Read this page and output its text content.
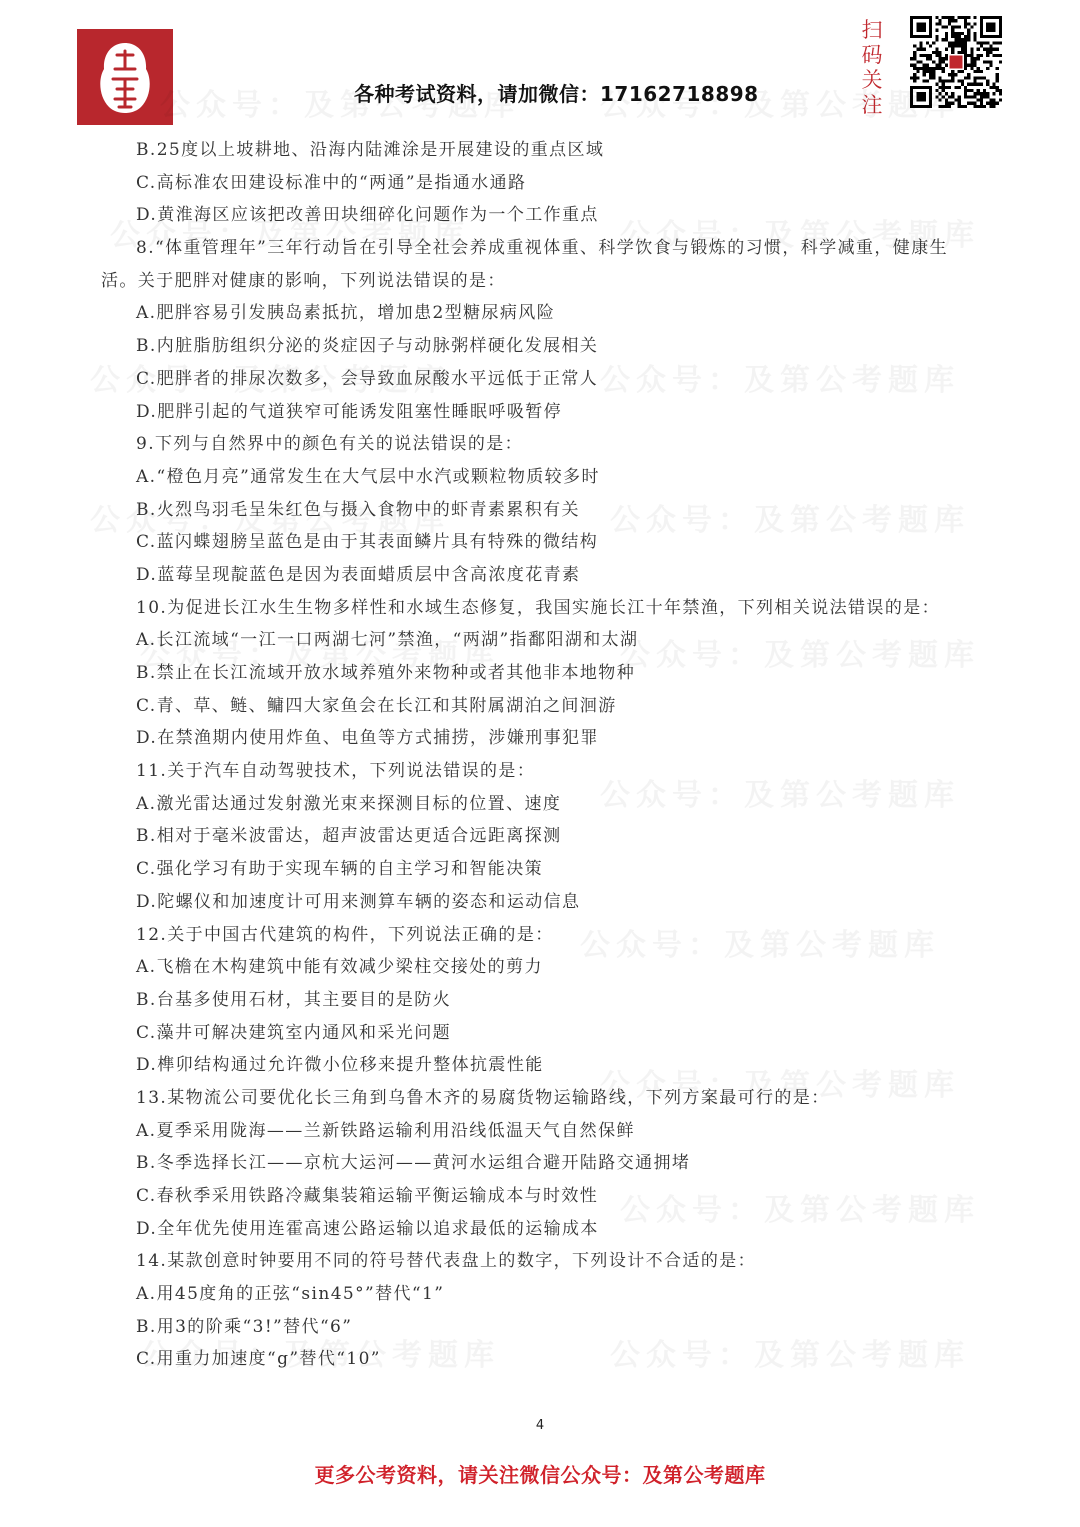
各种考试资料，请加微信：17162718898
扫
码
关
注
B.25度以上坡耕地、沿海内陆滩涂是开展建设的重点区域
C.高标准农田建设标准中的“两通”是指通水通路
D.黄淮海区应该把改善田块细碎化问题作为一个工作重点
8.“体重管理年”三年行动旨在引导全社会养成重视体重、科学饮食与锻炼的习惯，科学减重，健康生
活。关于肥胖对健康的影响，下列说法错误的是：
A.肥胖容易引发胰岛素抵抗，增加患2型糖尿病风险
B.内脏脂肪组织分泌的炎症因子与动脉粥样硬化发展相关
C.肥胖者的排尿次数多，会导致血尿酸水平远低于正常人
D.肥胖引起的气道狭窄可能诱发阻塞性睡眠呼吸暂停
9.下列与自然界中的颜色有关的说法错误的是：
A.“橙色月亮”通常发生在大气层中水汽或颗粒物质较多时
B.火烈鸟羽毛呈朱红色与摄入食物中的虾青素累积有关
C.蓝闪蝶翅膀呈蓝色是由于其表面鳞片具有特殊的微结构
D.蓝莓呈现靛蓝色是因为表面蜡质层中含高浓度花青素
10.为促进长江水生生物多样性和水域生态修复，我国实施长江十年禁渔，下列相关说法错误的是：
A.长江流域“一江一口两湖七河”禁渔，“两湖”指鄱阳湖和太湖
B.禁止在长江流域开放水域养殖外来物种或者其他非本地物种
C.青、草、鲢、鳙四大家鱼会在长江和其附属湖泊之间洄游
D.在禁渔期内使用炸鱼、电鱼等方式捕捞，涉嫌刑事犯罪
11.关于汽车自动驾驶技术，下列说法错误的是：
A.激光雷达通过发射激光束来探测目标的位置、速度
B.相对于毫米波雷达，超声波雷达更适合远距离探测
C.强化学习有助于实现车辆的自主学习和智能决策
D.陀螺仪和加速度计可用来测算车辆的姿态和运动信息
12.关于中国古代建筑的构件，下列说法正确的是：
A.飞檐在木构建筑中能有效减少梁柱交接处的剪力
B.台基多使用石材，其主要目的是防火
C.藻井可解决建筑室内通风和采光问题
D.榫卯结构通过允许微小位移来提升整体抗震性能
13.某物流公司要优化长三角到乌鲁木齐的易腐货物运输路线，下列方案最可行的是：
A.夏季采用陇海——兰新铁路运输利用沿线低温天气自然保鲜
B.冬季选择长江——京杭大运河——黄河水运组合避开陆路交通拥堵
C.春秋季采用铁路冷藏集装箱运输平衡运输成本与时效性
D.全年优先使用连霍高速公路运输以追求最低的运输成本
14.某款创意时钟要用不同的符号替代表盘上的数字，下列设计不合适的是：
A.用45度角的正弦“sin45°”替代“1”
B.用3的阶乘“3!”替代“6”
C.用重力加速度“g”替代“10”
4
更多公考资料，请关注微信公众号：及第公考题库
